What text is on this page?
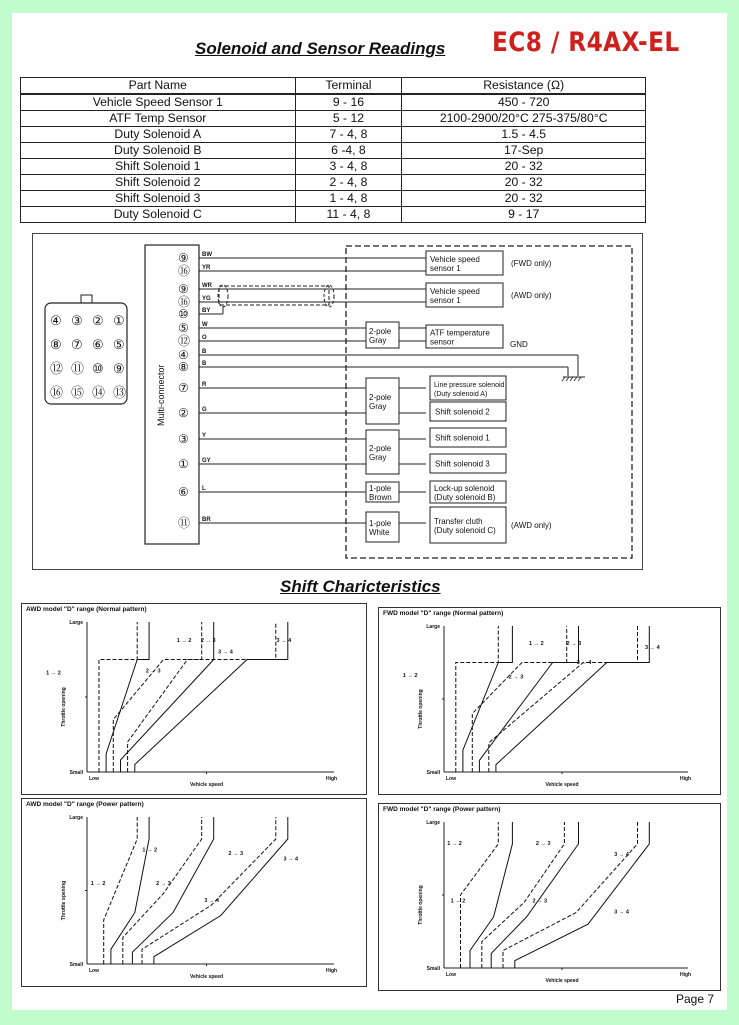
Solenoid and Sensor Readings EC8 / R4AX-EL
Part Name	Terminal	Resistance (Ω)
Vehicle Speed Sensor 1	9 - 16	450 - 720
ATF Temp Sensor	5 - 12	2100-2900/20°C 275-375/80°C
Duty Solenoid A	7 - 4, 8	1.5 - 4.5
Duty Solenoid B	6 -4, 8	17-Sep
Shift Solenoid 1	3 - 4, 8	20 - 32
Shift Solenoid 2	2 - 4, 8	20 - 32
Shift Solenoid 3	1 - 4, 8	20 - 32
Duty Solenoid C	11 - 4, 8	9 - 17
④ ③ ② ①
⑧ ⑦ ⑥ ⑤
⑫ ⑪ ⑩ ⑨
⑯ ⑮ ⑭ ⑬	Multi-connector
⑨ BW
⑯ YR
⑨ WR
⑯ YG
⑩ BY
⑤ W
⑫ O
④ B
⑧ B
⑦ R
② G
③ Y
① GY
⑥ L
⑪ BR
2-pole
Gray
2-pole
Gray
2-pole
Gray
1-pole
Brown
1-pole
White
Vehicle speed
sensor 1
(FWD only)
Vehicle speed
sensor 1
(AWD only)
ATF temperature
sensor	GND
Line pressure solenoid
(Duty solenoid A)
Shift solenoid 2
Shift solenoid 1
Shift solenoid 3
Lock-up solenoid
(Duty solenoid B)
Transfer cluth
(Duty solenoid C)
(AWD only)
Shift Charicteristics
AWD model "D" range (Normal pattern)
Small
Large
Low	High
Vehicle speed
Throttle opening
1 → 2
1 → 2	2 → 3
2 → 3
3 → 4
3 → 4
FWD model "D" range (Normal pattern)
Small
Large
Low	High
Vehicle speed
Throttle opening
1 → 2
1 → 2	2 → 3
2 → 3
3 → 4
3 → 4
AWD model "D" range (Power pattern)
Small
Large
Low	High
Vehicle speed
Throttle opening
1 → 2
1 → 2	2 → 3
2 → 3
3 → 4
3 → 4
FWD model "D" range (Power pattern)
Small
Large
Low	High
Vehicle speed
Throttle opening
1 → 2
1 → 2	2 → 3
2 → 3
3 → 4
3 → 4
Page 7
